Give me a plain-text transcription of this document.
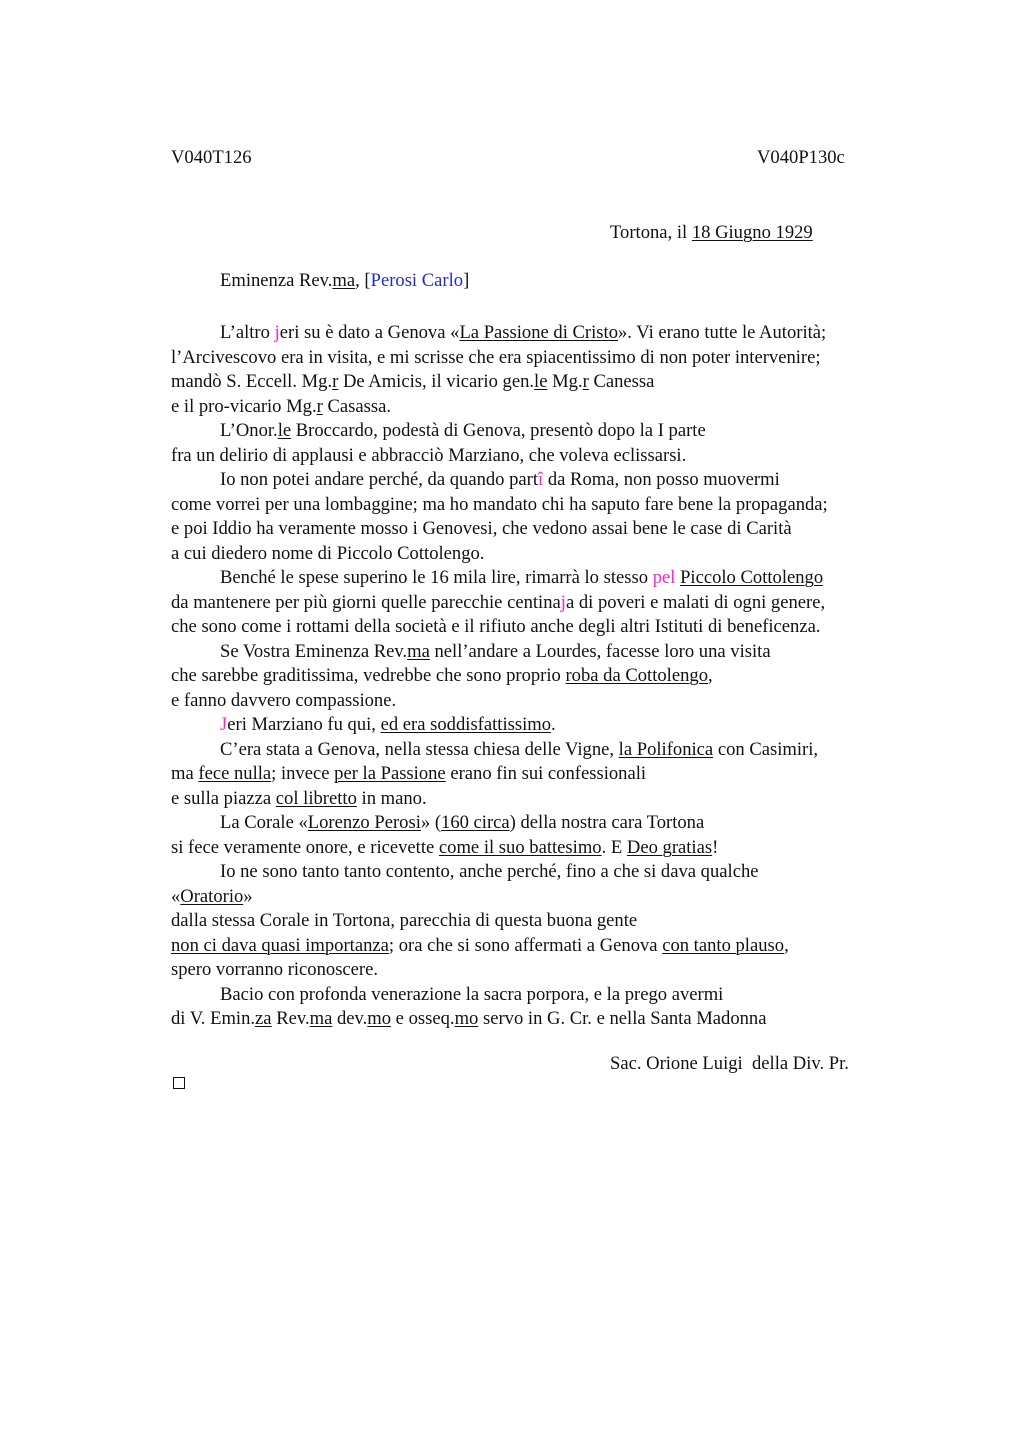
V040T126	V040P130c
Tortona, il 18 Giugno 1929
Eminenza Rev.ma, [Perosi Carlo]
L’altro jeri su è dato a Genova «La Passione di Cristo». Vi erano tutte le Autorità;
l’Arcivescovo era in visita, e mi scrisse che era spiacentissimo di non poter intervenire;
mandò S. Eccell. Mg.r De Amicis, il vicario gen.le Mg.r Canessa
e il pro-vicario Mg.r Casassa.
L’Onor.le Broccardo, podestà di Genova, presentò dopo la I parte
fra un delirio di applausi e abbracciò Marziano, che voleva eclissarsi.
Io non potei andare perché, da quando partî da Roma, non posso muovermi
come vorrei per una lombaggine; ma ho mandato chi ha saputo fare bene la propaganda;
e poi Iddio ha veramente mosso i Genovesi, che vedono assai bene le case di Carità
a cui diedero nome di Piccolo Cottolengo.
Benché le spese superino le 16 mila lire, rimarrà lo stesso pel Piccolo Cottolengo
da mantenere per più giorni quelle parecchie centinaja di poveri e malati di ogni genere,
che sono come i rottami della società e il rifiuto anche degli altri Istituti di beneficenza.
Se Vostra Eminenza Rev.ma nell’andare a Lourdes, facesse loro una visita
che sarebbe graditissima, vedrebbe che sono proprio roba da Cottolengo,
e fanno davvero compassione.
Jeri Marziano fu qui, ed era soddisfattissimo.
C’era stata a Genova, nella stessa chiesa delle Vigne, la Polifonica con Casimiri,
ma fece nulla; invece per la Passione erano fin sui confessionali
e sulla piazza col libretto in mano.
La Corale «Lorenzo Perosi» (160 circa) della nostra cara Tortona
si fece veramente onore, e ricevette come il suo battesimo. E Deo gratias!
Io ne sono tanto tanto contento, anche perché, fino a che si dava qualche
«Oratorio»
dalla stessa Corale in Tortona, parecchia di questa buona gente
non ci dava quasi importanza; ora che si sono affermati a Genova con tanto plauso,
spero vorranno riconoscere.
Bacio con profonda venerazione la sacra porpora, e la prego avermi
di V. Emin.za Rev.ma dev.mo e osseq.mo servo in G. Cr. e nella Santa Madonna
Sac. Orione Luigi  della Div. Pr.
